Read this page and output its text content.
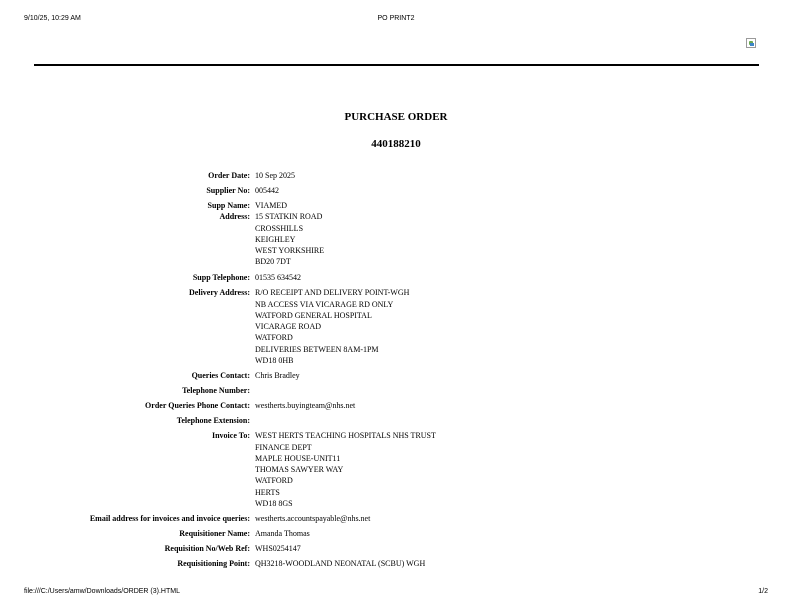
9/10/25, 10:29 AM	PO PRINT2
PURCHASE ORDER
440188210
Order Date: 10 Sep 2025
Supplier No: 005442
Supp Name: VIAMED
Address: 15 STATKIN ROAD
CROSSHILLS
KEIGHLEY
WEST YORKSHIRE
BD20 7DT
Supp Telephone: 01535 634542
Delivery Address: R/O RECEIPT AND DELIVERY POINT-WGH
NB ACCESS VIA VICARAGE RD ONLY
WATFORD GENERAL HOSPITAL
VICARAGE ROAD
WATFORD
DELIVERIES BETWEEN 8AM-1PM
WD18 0HB
Queries Contact: Chris Bradley
Telephone Number:
Order Queries Phone Contact: westherts.buyingteam@nhs.net
Telephone Extension:
Invoice To: WEST HERTS TEACHING HOSPITALS NHS TRUST
FINANCE DEPT
MAPLE HOUSE-UNIT11
THOMAS SAWYER WAY
WATFORD
HERTS
WD18 8GS
Email address for invoices and invoice queries: westherts.accountspayable@nhs.net
Requisitioner Name: Amanda Thomas
Requisition No/Web Ref: WHS0254147
Requisitioning Point: QH3218-WOODLAND NEONATAL (SCBU) WGH
file:///C:/Users/amw/Downloads/ORDER (3).HTML	1/2
